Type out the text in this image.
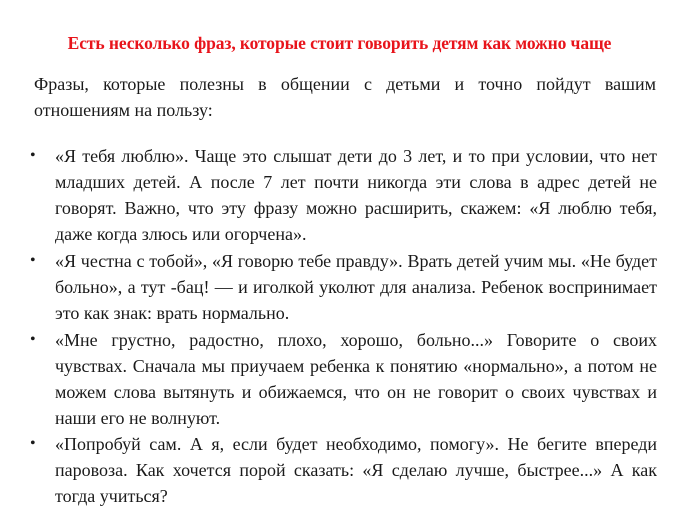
Есть несколько фраз, которые стоит говорить детям как можно чаще

Фразы, которые полезны в общении с детьми и точно пойдут вашим отношениям на пользу:

• «Я тебя люблю». Чаще это слышат дети до 3 лет, и то при условии, что нет младших детей. А после 7 лет почти никогда эти слова в адрес детей не говорят. Важно, что эту фразу можно расширить, скажем: «Я люблю тебя, даже когда злюсь или огорчена».
• «Я честна с тобой», «Я говорю тебе правду». Врать детей учим мы. «Не будет больно», а тут -бац! — и иголкой уколют для анализа. Ребенок воспринимает это как знак: врать нормально.
• «Мне грустно, радостно, плохо, хорошо, больно...» Говорите о своих чувствах. Сначала мы приучаем ребенка к понятию «нормально», а потом не можем слова вытянуть и обижаемся, что он не говорит о своих чувствах и наши его не волнуют.
• «Попробуй сам. А я, если будет необходимо, помогу». Не бегите впереди паровоза. Как хочется порой сказать: «Я сделаю лучше, быстрее...» А как тогда учиться?
